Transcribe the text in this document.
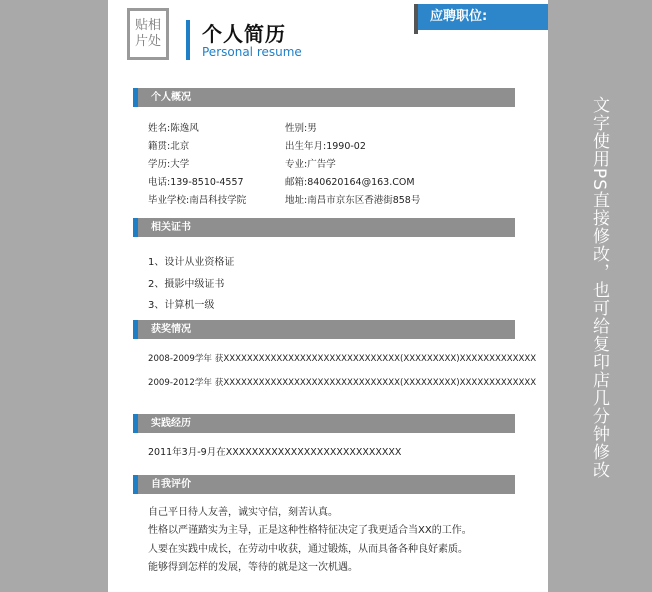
贴相片处 个人简历
Personal resume
应聘职位:
个人概况
姓名:陈逸风	性别:男
籍贯:北京	出生年月:1990-02
学历:大学	专业:广告学
电话:139-8510-4557	邮箱:840620164@163.COM
毕业学校:南昌科技学院	地址:南昌市京东区香港街858号
相关证书
1、设计从业资格证
2、摄影中级证书
3、计算机一级
获奖情况
2008-2009学年 获XXXXXXXXXXXXXXXXXXXXXXXXXXXXXX(XXXXXXXXX)XXXXXXXXXXXXX
2009-2012学年 获XXXXXXXXXXXXXXXXXXXXXXXXXXXXXX(XXXXXXXXX)XXXXXXXXXXXXX
实践经历
2011年3月-9月在XXXXXXXXXXXXXXXXXXXXXXXXXXX
自我评价
自己平日待人友善，诚实守信，刻苦认真。
性格以严谨踏实为主导，正是这种性格特征决定了我更适合当XX的工作。
人要在实践中成长，在劳动中收获，通过锻炼，从而具备各种良好素质。
能够得到怎样的发展，等待的就是这一次机遇。
文字使用PS直接修改，也可给复印店几分钟修改
